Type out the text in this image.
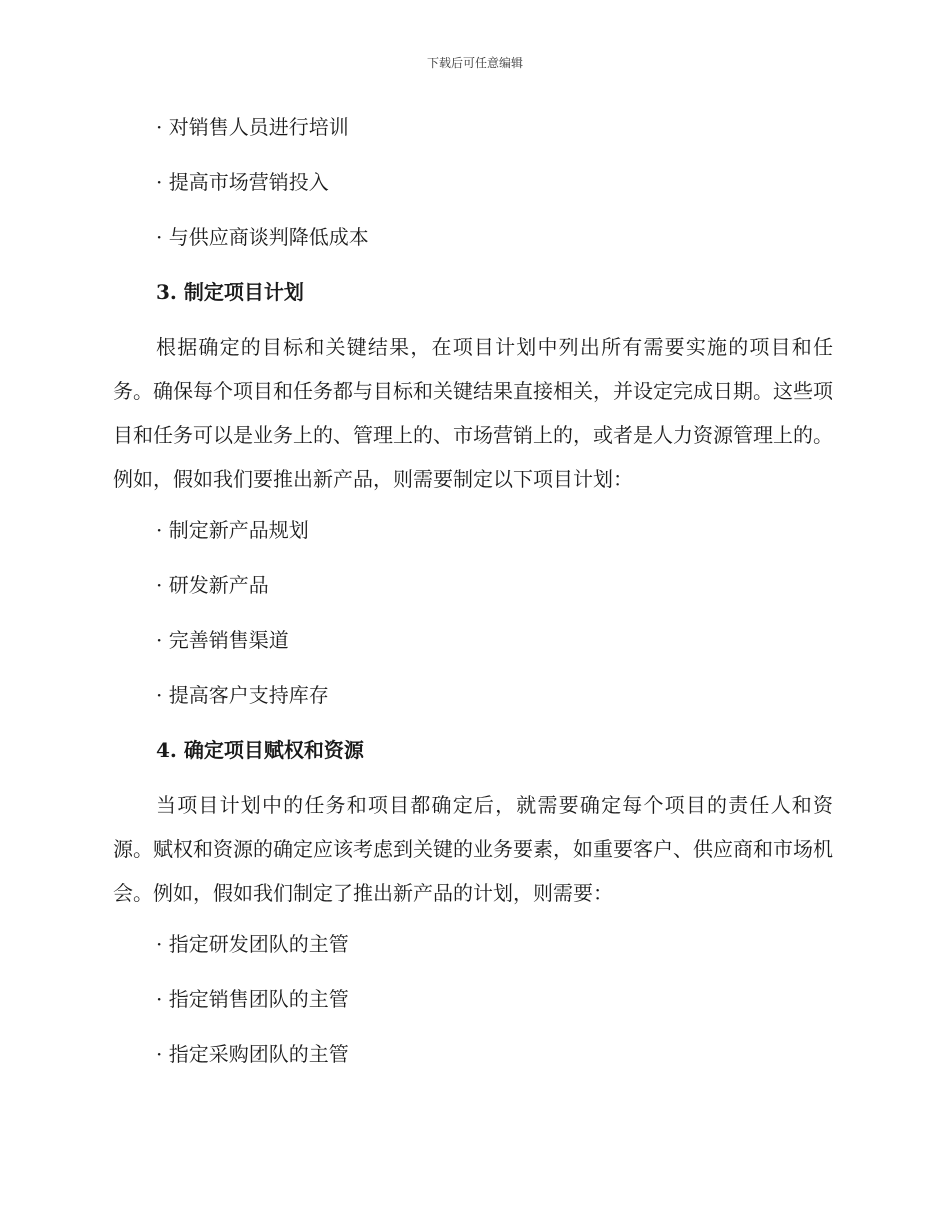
下载后可任意编辑
· 对销售人员进行培训
· 提高市场营销投入
· 与供应商谈判降低成本
3. 制定项目计划
根据确定的目标和关键结果，在项目计划中列出所有需要实施的项目和任务。确保每个项目和任务都与目标和关键结果直接相关，并设定完成日期。这些项目和任务可以是业务上的、管理上的、市场营销上的，或者是人力资源管理上的。例如，假如我们要推出新产品，则需要制定以下项目计划：
· 制定新产品规划
· 研发新产品
· 完善销售渠道
· 提高客户支持库存
4. 确定项目赋权和资源
当项目计划中的任务和项目都确定后，就需要确定每个项目的责任人和资源。赋权和资源的确定应该考虑到关键的业务要素，如重要客户、供应商和市场机会。例如，假如我们制定了推出新产品的计划，则需要：
· 指定研发团队的主管
· 指定销售团队的主管
· 指定采购团队的主管
